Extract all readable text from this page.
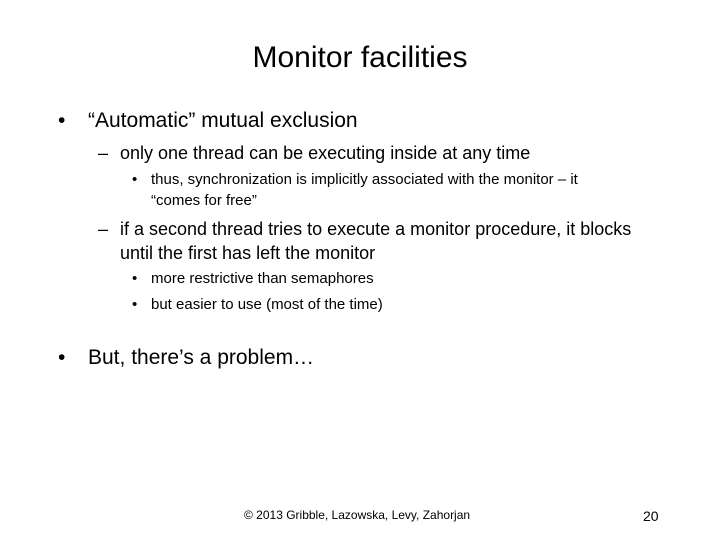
Monitor facilities
• “Automatic” mutual exclusion
– only one thread can be executing inside at any time
• thus, synchronization is implicitly associated with the monitor – it
“comes for free”
– if a second thread tries to execute a monitor procedure, it blocks
until the first has left the monitor
• more restrictive than semaphores
• but easier to use (most of the time)
• But, there’s a problem…
© 2013 Gribble, Lazowska, Levy, Zahorjan	20
